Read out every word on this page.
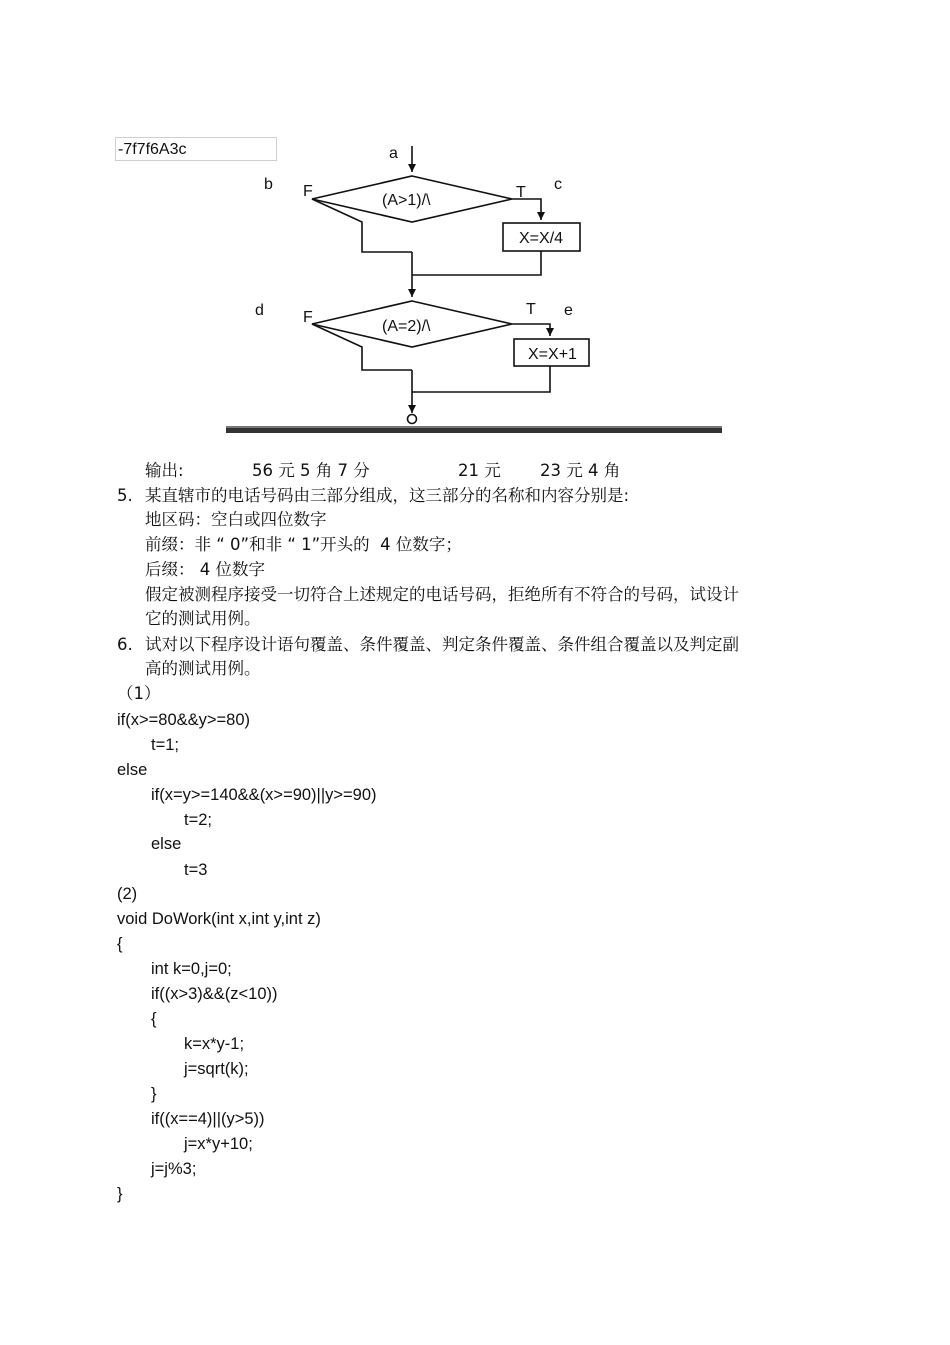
-7f7f6A3c	a
b	c
F	T
(A>1)/\
X=X/4
d	e
F	T
(A=2)/\
X=X+1
输出:	56 元 5 角 7 分	21 元 23 元 4 角
5. 某直辖市的电话号码由三部分组成，这三部分的名称和内容分别是:
地区码：空白或四位数字
前缀：非 “ 0”和非 “ 1”开头的  4 位数字；
后缀： 4 位数字
假定被测程序接受一切符合上述规定的电话号码，拒绝所有不符合的号码，试设计
它的测试用例。
6. 试对以下程序设计语句覆盖、条件覆盖、判定条件覆盖、条件组合覆盖以及判定副
高的测试用例。
（1）
if(x>=80&&y>=80)
t=1;
else
if(x=y>=140&&(x>=90)||y>=90)
t=2;
else
t=3
(2)
void DoWork(int x,int y,int z)
{
int k=0,j=0;
if((x>3)&&(z<10))
{
k=x*y-1;
j=sqrt(k);
}
if((x==4)||(y>5))
j=x*y+10;
j=j%3;
}
